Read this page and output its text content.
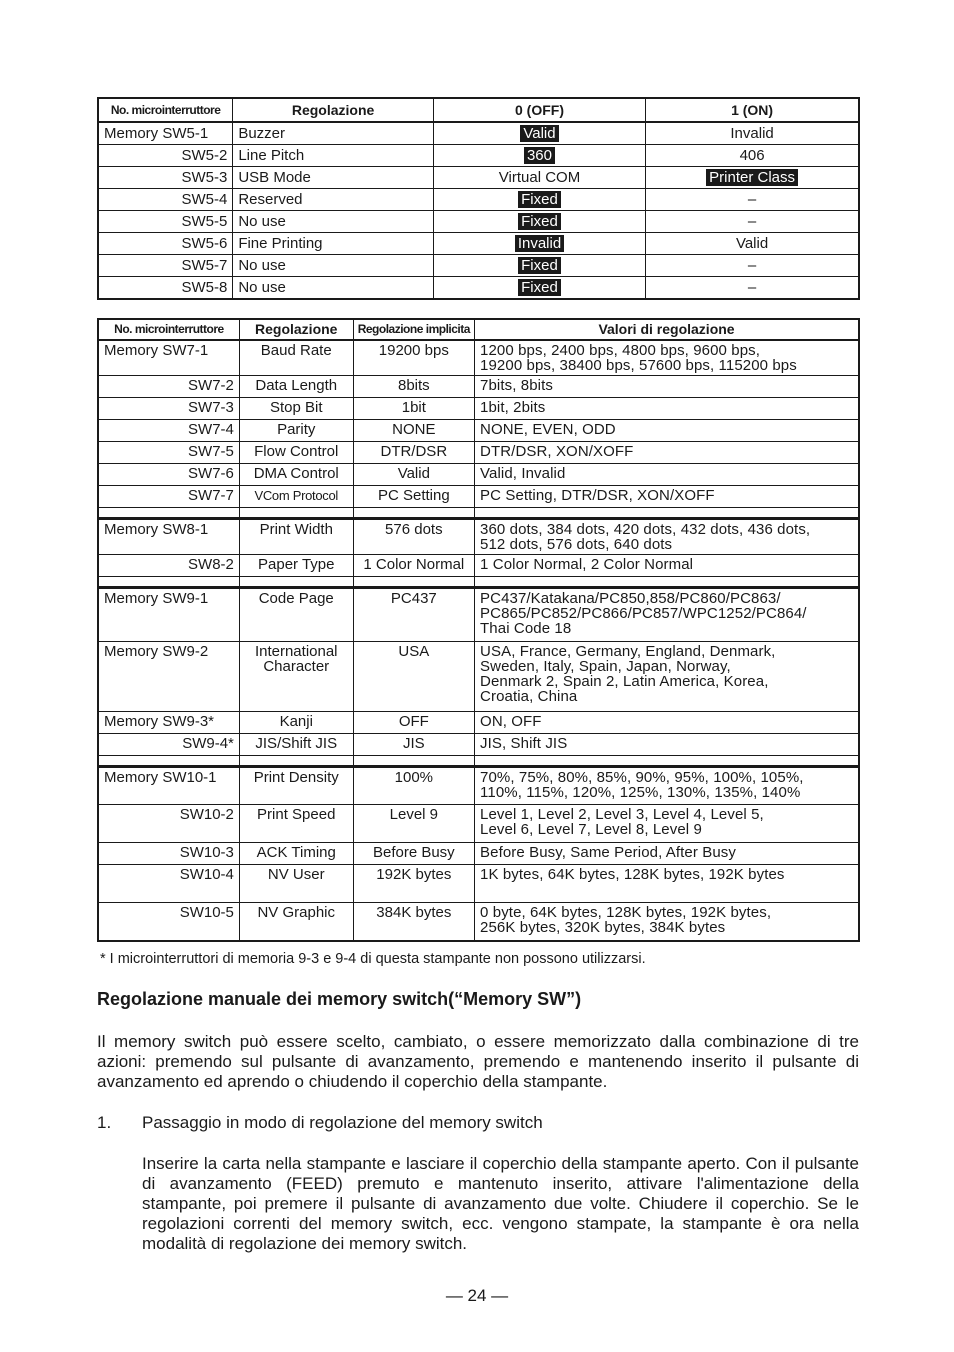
No. microinterruttore	Regolazione	0 (OFF)	1 (ON)
Memory SW5-1	Buzzer	Valid	Invalid
SW5-2	Line Pitch	360	406
SW5-3	USB Mode	Virtual COM	Printer Class
SW5-4	Reserved	Fixed	–
SW5-5	No use	Fixed	–
SW5-6	Fine Printing	Invalid	Valid
SW5-7	No use	Fixed	–
SW5-8	No use	Fixed	–
No. microinterruttore	Regolazione	Regolazione implicita	Valori di regolazione
Memory SW7-1	Baud Rate	19200 bps	1200 bps, 2400 bps, 4800 bps, 9600 bps,
19200 bps, 38400 bps, 57600 bps, 115200 bps

SW7-2	Data Length	8bits	7bits, 8bits

SW7-3	Stop Bit	1bit	1bit, 2bits

SW7-4	Parity	NONE	NONE, EVEN, ODD

SW7-5	Flow Control	DTR/DSR	DTR/DSR, XON/XOFF

SW7-6	DMA Control	Valid	Valid, Invalid

SW7-7	VCom Protocol	PC Setting	PC Setting, DTR/DSR, XON/XOFF

Memory SW8-1	Print Width	576 dots	360 dots, 384 dots, 420 dots, 432 dots, 436 dots,
512 dots, 576 dots, 640 dots

SW8-2	Paper Type	1 Color Normal	1 Color Normal, 2 Color Normal

Memory SW9-1	Code Page	PC437	PC437/Katakana/PC850,858/PC860/PC863/
PC865/PC852/PC866/PC857/WPC1252/PC864/
Thai Code 18

Memory SW9-2	International Character	USA	USA, France, Germany, England, Denmark,
Sweden, Italy, Spain, Japan, Norway,
Denmark 2, Spain 2, Latin America, Korea,
Croatia, China

Memory SW9-3*	Kanji	OFF	ON, OFF

SW9-4*	JIS/Shift JIS	JIS	JIS, Shift JIS

Memory SW10-1	Print Density	100%	70%, 75%, 80%, 85%, 90%, 95%, 100%, 105%,
110%, 115%, 120%, 125%, 130%, 135%, 140%

SW10-2	Print Speed	Level 9	Level 1, Level 2, Level 3, Level 4, Level 5,
Level 6, Level 7, Level 8, Level 9

SW10-3	ACK Timing	Before Busy	Before Busy, Same Period, After Busy

SW10-4	NV User	192K bytes	1K bytes, 64K bytes, 128K bytes, 192K bytes

SW10-5	NV Graphic	384K bytes	0 byte, 64K bytes, 128K bytes, 192K bytes,
256K bytes, 320K bytes, 384K bytes
* I microinterruttori di memoria 9-3 e 9-4 di questa stampante non possono utilizzarsi.
Regolazione manuale dei memory switch(“Memory SW”)

Il memory switch può essere scelto, cambiato, o essere memorizzato dalla combinazione di tre azioni: premendo sul pulsante di avanzamento, premendo e mantenendo inserito il pulsante di avanzamento ed aprendo o chiudendo il coperchio della stampante.

1. Passaggio in modo di regolazione del memory switch

Inserire la carta nella stampante e lasciare il coperchio della stampante aperto. Con il pulsante di avanzamento (FEED) premuto e mantenuto inserito, attivare l'alimentazione della stampante, poi premere il pulsante di avanzamento due volte. Chiudere il coperchio. Se le regolazioni correnti del memory switch, ecc. vengono stampate, la stampante è ora nella modalità di regolazione dei memory switch.

— 24 —
